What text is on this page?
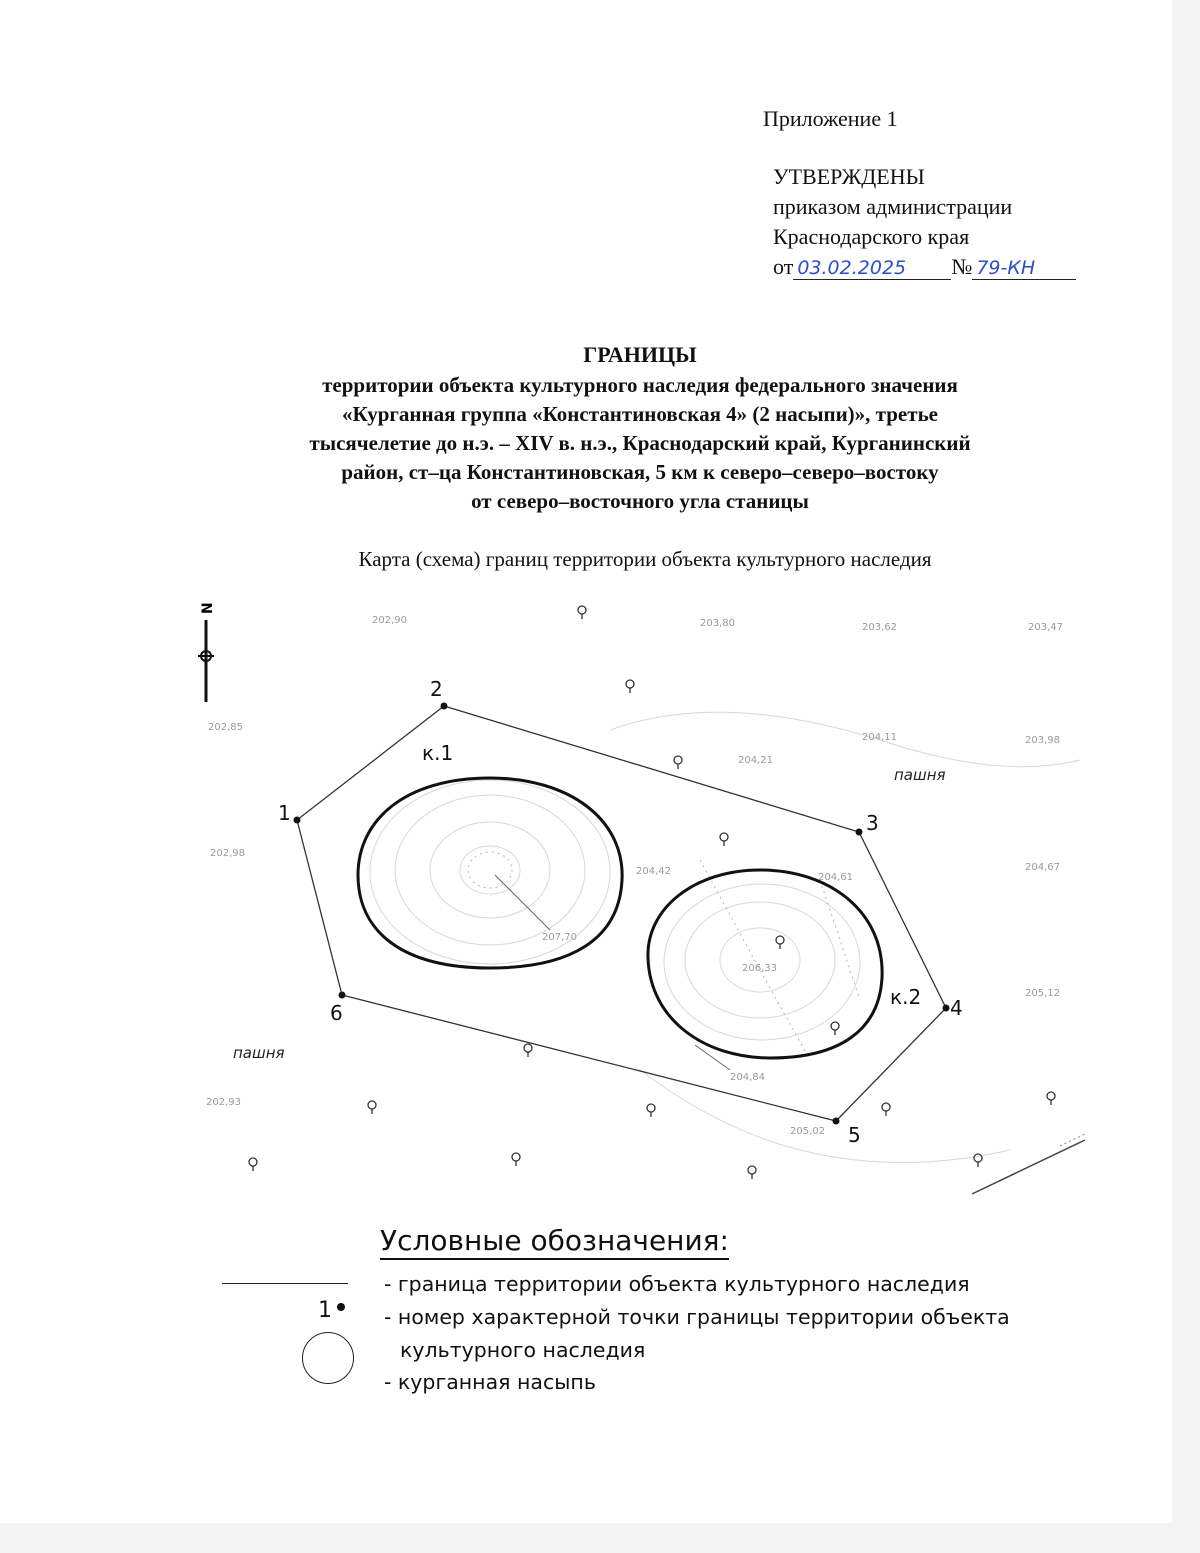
Приложение 1
УТВЕРЖДЕНЫ
приказом администрации
Краснодарского края
от 03.02.2025 № 79-КН
ГРАНИЦЫ
территории объекта культурного наследия федерального значения
«Курганная группа «Константиновская 4» (2 насыпи)», третье
тысячелетие до н.э. – XIV в. н.э., Краснодарский край, Курганинский
район, ст–ца Константиновская, 5 км к северо–северо–востоку
от северо–восточного угла станицы
Карта (схема) границ территории объекта культурного наследия
N
1
2
3
4
5
6
к.1
к.2
пашня
пашня
202,90	203,80	203,62	203,47
202,85
203,98
204,11
204,21
202,98
204,67
204,61
204,42
207,70
206,33
204,84
205,02
205,12
202,93
Условные обозначения:
- граница территории объекта культурного наследия
1	- номер характерной точки границы территории объекта
культурного наследия
- курганная насыпь
